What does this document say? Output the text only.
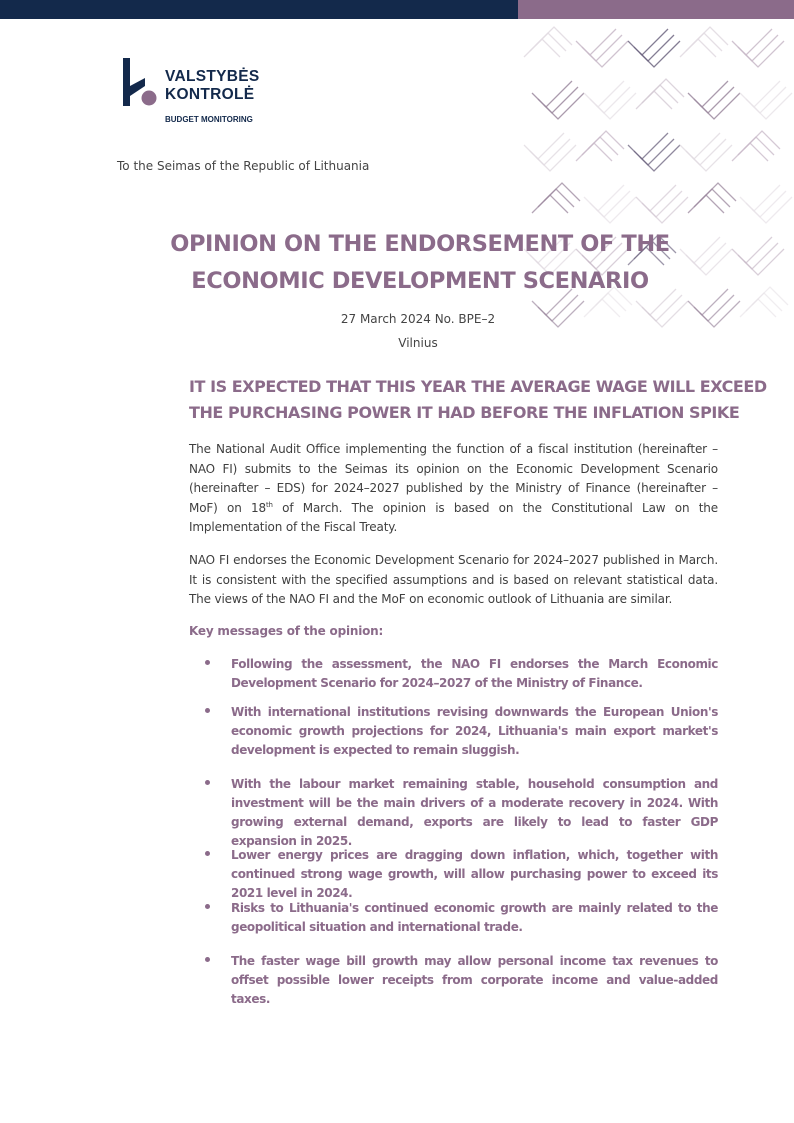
VALSTYBĖS
KONTROLĖ
BUDGET MONITORING
To the Seimas of the Republic of Lithuania
OPINION ON THE ENDORSEMENT OF THE
ECONOMIC DEVELOPMENT SCENARIO
27 March 2024 No. BPE–2
Vilnius
IT IS EXPECTED THAT THIS YEAR THE AVERAGE WAGE WILL EXCEED
THE PURCHASING POWER IT HAD BEFORE THE INFLATION SPIKE

The National Audit Office implementing the function of a fiscal institution (hereinafter – NAO FI) submits to the Seimas its opinion on the Economic Development Scenario (hereinafter – EDS) for 2024–2027 published by the Ministry of Finance (hereinafter – MoF) on 18th of March. The opinion is based on the Constitutional Law on the Implementation of the Fiscal Treaty.

NAO FI endorses the Economic Development Scenario for 2024–2027 published in March. It is consistent with the specified assumptions and is based on relevant statistical data. The views of the NAO FI and the MoF on economic outlook of Lithuania are similar.

Key messages of the opinion:

Following the assessment, the NAO FI endorses the March Economic Development Scenario for 2024–2027 of the Ministry of Finance.
With international institutions revising downwards the European Union's economic growth projections for 2024, Lithuania's main export market's development is expected to remain sluggish.
With the labour market remaining stable, household consumption and investment will be the main drivers of a moderate recovery in 2024. With growing external demand, exports are likely to lead to faster GDP expansion in 2025.
Lower energy prices are dragging down inflation, which, together with continued strong wage growth, will allow purchasing power to exceed its 2021 level in 2024.
Risks to Lithuania's continued economic growth are mainly related to the geopolitical situation and international trade.
The faster wage bill growth may allow personal income tax revenues to offset possible lower receipts from corporate income and value-added taxes.
